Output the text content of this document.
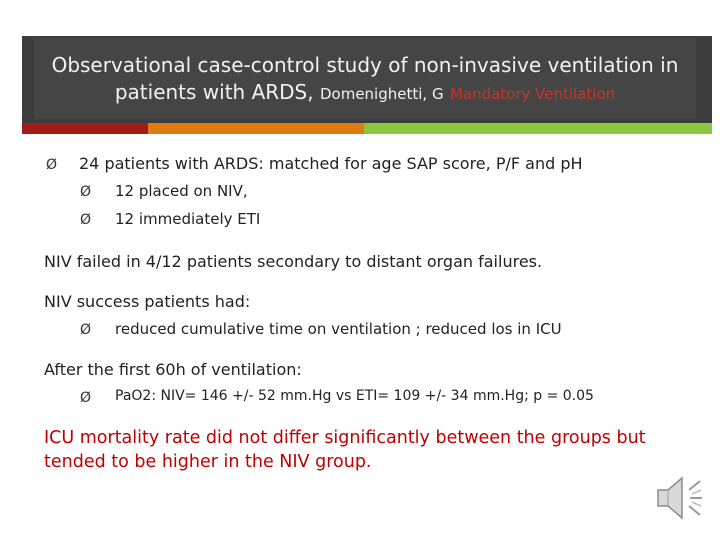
Observational case-control study of non-invasive ventilation in patients with ARDS, Domenighetti, G Mandatory Ventilation
Ø 24 patients with ARDS: matched for age SAP score, P/F and pH
Ø 12 placed on NIV,
Ø 12 immediately ETI
NIV failed in 4/12 patients secondary to distant organ failures.
NIV success patients had:
Ø reduced cumulative time on ventilation ; reduced los in ICU
After the first 60h of ventilation:
Ø PaO2: NIV= 146 +/- 52 mm.Hg vs ETI= 109 +/- 34 mm.Hg; p = 0.05
ICU mortality rate did not differ significantly between the groups but
tended to be higher in the NIV group.
